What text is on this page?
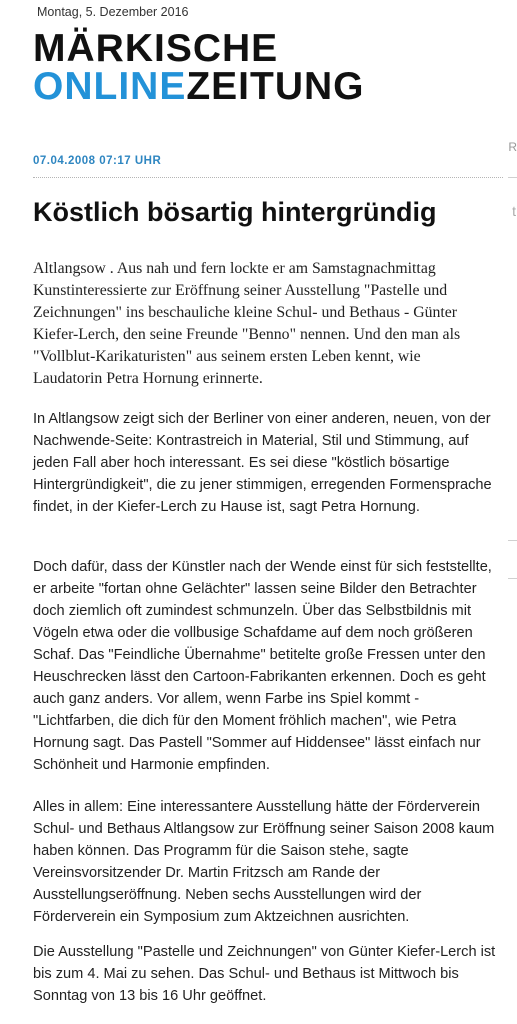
Montag, 5. Dezember 2016
MÄRKISCHE
ONLINEZEITUNG
07.04.2008 07:17 UHR
Köstlich bösartig hintergründig

Altlangsow . Aus nah und fern lockte er am Samstagnachmittag Kunstinteressierte zur Eröffnung seiner Ausstellung "Pastelle und Zeichnungen" ins beschauliche kleine Schul- und Bethaus - Günter Kiefer-Lerch, den seine Freunde "Benno" nennen. Und den man als "Vollblut-Karikaturisten" aus seinem ersten Leben kennt, wie Laudatorin Petra Hornung erinnerte.

In Altlangsow zeigt sich der Berliner von einer anderen, neuen, von der Nachwende-Seite: Kontrastreich in Material, Stil und Stimmung, auf jeden Fall aber hoch interessant. Es sei diese "köstlich bösartige Hintergründigkeit", die zu jener stimmigen, erregenden Formensprache findet, in der Kiefer-Lerch zu Hause ist, sagt Petra Hornung.

Doch dafür, dass der Künstler nach der Wende einst für sich feststellte, er arbeite "fortan ohne Gelächter" lassen seine Bilder den Betrachter doch ziemlich oft zumindest schmunzeln. Über das Selbstbildnis mit Vögeln etwa oder die vollbusige Schafdame auf dem noch größeren Schaf. Das "Feindliche Übernahme" betitelte große Fressen unter den Heuschrecken lässt den Cartoon-Fabrikanten erkennen. Doch es geht auch ganz anders. Vor allem, wenn Farbe ins Spiel kommt - "Lichtfarben, die dich für den Moment fröhlich machen", wie Petra Hornung sagt. Das Pastell "Sommer auf Hiddensee" lässt einfach nur Schönheit und Harmonie empfinden.

Alles in allem: Eine interessantere Ausstellung hätte der Förderverein Schul- und Bethaus Altlangsow zur Eröffnung seiner Saison 2008 kaum haben können. Das Programm für die Saison stehe, sagte Vereinsvorsitzender Dr. Martin Fritzsch am Rande der Ausstellungseröffnung. Neben sechs Ausstellungen wird der Förderverein ein Symposium zum Aktzeichnen ausrichten.

Die Ausstellung "Pastelle und Zeichnungen" von Günter Kiefer-Lerch ist bis zum 4. Mai zu sehen. Das Schul- und Bethaus ist Mittwoch bis Sonntag von 13 bis 16 Uhr geöffnet.

R
t
